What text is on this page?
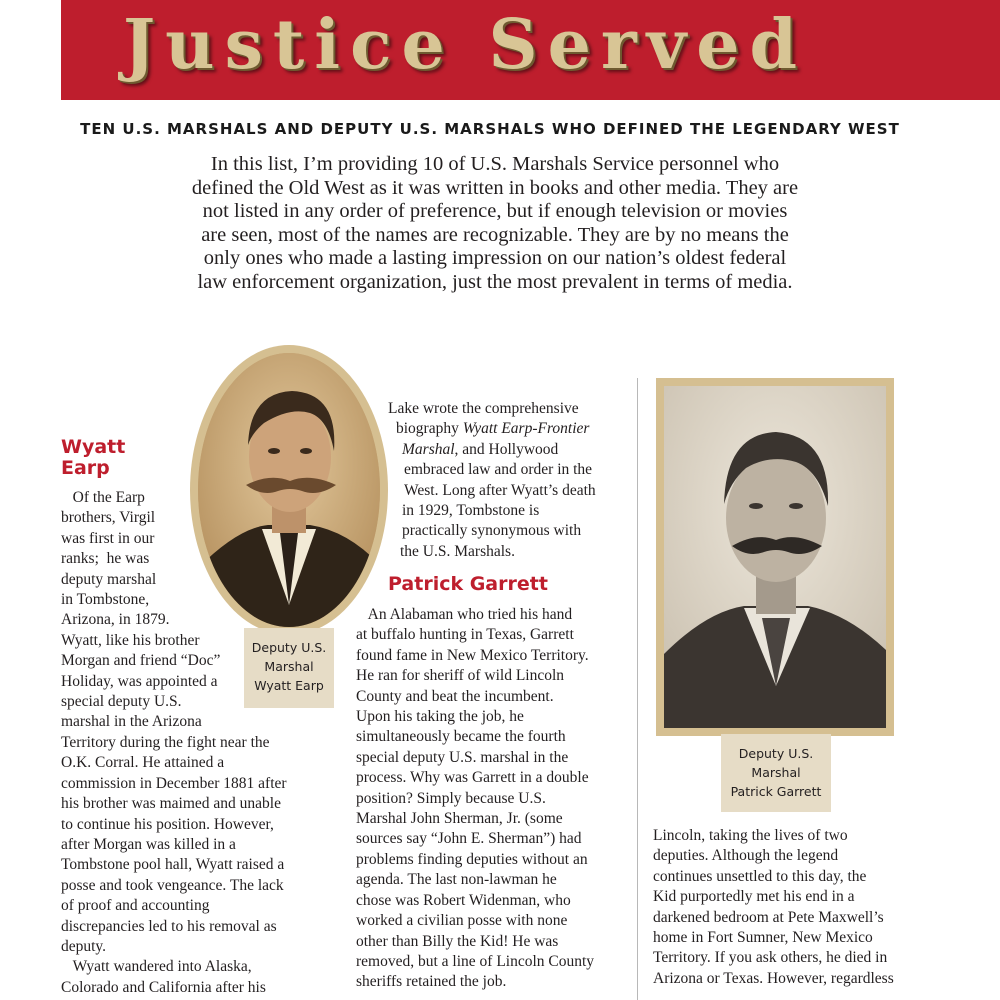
Justice Served
TEN U.S. MARSHALS AND DEPUTY U.S. MARSHALS WHO DEFINED THE LEGENDARY WEST

In this list, I’m providing 10 of U.S. Marshals Service personnel who defined the Old West as it was written in books and other media. They are not listed in any order of preference, but if enough television or movies are seen, most of the names are recognizable. They are by no means the only ones who made a lasting impression on our nation’s oldest federal law enforcement organization, just the most prevalent in terms of media.

Wyatt
Earp
Of the Earp
brothers, Virgil
was first in our
ranks;  he was
deputy marshal
in Tombstone,
Arizona, in 1879.
Wyatt, like his brother
Morgan and friend “Doc”
Holiday, was appointed a
special deputy U.S.
marshal in the Arizona
Territory during the fight near the
O.K. Corral. He attained a
commission in December 1881 after
his brother was maimed and unable
to continue his position. However,
after Morgan was killed in a
Tombstone pool hall, Wyatt raised a
posse and took vengeance. The lack
of proof and accounting
discrepancies led to his removal as
deputy.
Wyatt wandered into Alaska,
Colorado and California after his
Deputy U.S.
Marshal
Wyatt Earp
Lake wrote the comprehensive
biography Wyatt Earp-Frontier
Marshal, and Hollywood
embraced law and order in the
West. Long after Wyatt’s death
in 1929, Tombstone is
practically synonymous with
the U.S. Marshals.
Patrick Garrett
An Alabaman who tried his hand
at buffalo hunting in Texas, Garrett
found fame in New Mexico Territory.
He ran for sheriff of wild Lincoln
County and beat the incumbent.
Upon his taking the job, he
simultaneously became the fourth
special deputy U.S. marshal in the
process. Why was Garrett in a double
position? Simply because U.S.
Marshal John Sherman, Jr. (some
sources say “John E. Sherman”) had
problems finding deputies without an
agenda. The last non-lawman he
chose was Robert Widenman, who
worked a civilian posse with none
other than Billy the Kid! He was
removed, but a line of Lincoln County
sheriffs retained the job.
Deputy U.S.
Marshal
Patrick Garrett
Lincoln, taking the lives of two
deputies. Although the legend
continues unsettled to this day, the
Kid purportedly met his end in a
darkened bedroom at Pete Maxwell’s
home in Fort Sumner, New Mexico
Territory. If you ask others, he died in
Arizona or Texas. However, regardless
